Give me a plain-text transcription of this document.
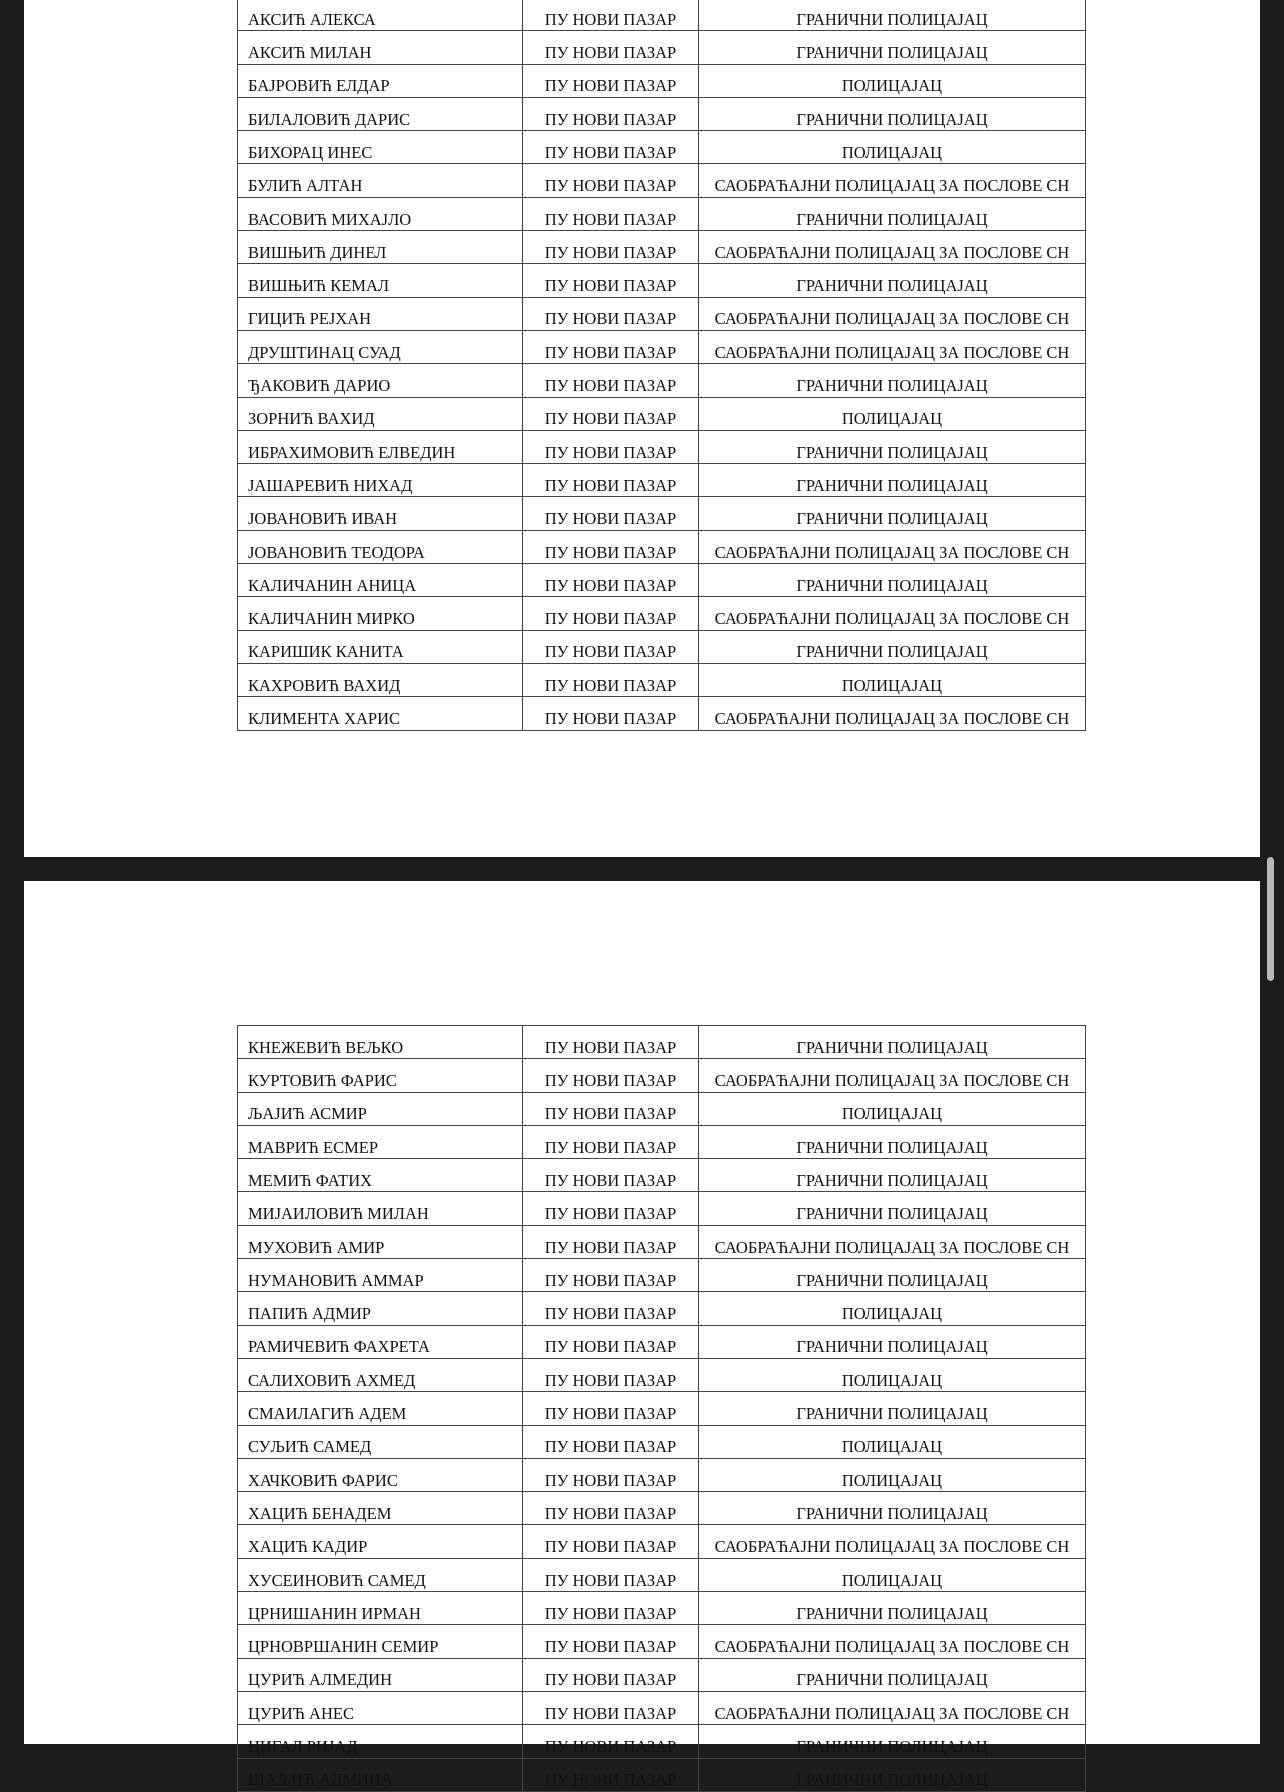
АКСИЋ АЛЕКСА	ПУ НОВИ ПАЗАР	ГРАНИЧНИ ПОЛИЦАЈАЦ
АКСИЋ МИЛАН	ПУ НОВИ ПАЗАР	ГРАНИЧНИ ПОЛИЦАЈАЦ
БАЈРОВИЋ ЕЛДАР	ПУ НОВИ ПАЗАР	ПОЛИЦАЈАЦ
БИЛАЛОВИЋ ДАРИС	ПУ НОВИ ПАЗАР	ГРАНИЧНИ ПОЛИЦАЈАЦ
БИХОРАЦ ИНЕС	ПУ НОВИ ПАЗАР	ПОЛИЦАЈАЦ
БУЛИЋ АЛТАН	ПУ НОВИ ПАЗАР	САОБРАЋАЈНИ ПОЛИЦАЈАЦ ЗА ПОСЛОВЕ СН
ВАСОВИЋ МИХАЈЛО	ПУ НОВИ ПАЗАР	ГРАНИЧНИ ПОЛИЦАЈАЦ
ВИШЊИЋ ДИНЕЛ	ПУ НОВИ ПАЗАР	САОБРАЋАЈНИ ПОЛИЦАЈАЦ ЗА ПОСЛОВЕ СН
ВИШЊИЋ КЕМАЛ	ПУ НОВИ ПАЗАР	ГРАНИЧНИ ПОЛИЦАЈАЦ
ГИЦИЋ РЕЈХАН	ПУ НОВИ ПАЗАР	САОБРАЋАЈНИ ПОЛИЦАЈАЦ ЗА ПОСЛОВЕ СН
ДРУШТИНАЦ СУАД	ПУ НОВИ ПАЗАР	САОБРАЋАЈНИ ПОЛИЦАЈАЦ ЗА ПОСЛОВЕ СН
ЂАКОВИЋ ДАРИО	ПУ НОВИ ПАЗАР	ГРАНИЧНИ ПОЛИЦАЈАЦ
ЗОРНИЋ ВАХИД	ПУ НОВИ ПАЗАР	ПОЛИЦАЈАЦ
ИБРАХИМОВИЋ ЕЛВЕДИН	ПУ НОВИ ПАЗАР	ГРАНИЧНИ ПОЛИЦАЈАЦ
ЈАШАРЕВИЋ НИХАД	ПУ НОВИ ПАЗАР	ГРАНИЧНИ ПОЛИЦАЈАЦ
ЈОВАНОВИЋ ИВАН	ПУ НОВИ ПАЗАР	ГРАНИЧНИ ПОЛИЦАЈАЦ
ЈОВАНОВИЋ ТЕОДОРА	ПУ НОВИ ПАЗАР	САОБРАЋАЈНИ ПОЛИЦАЈАЦ ЗА ПОСЛОВЕ СН
КАЛИЧАНИН АНИЦА	ПУ НОВИ ПАЗАР	ГРАНИЧНИ ПОЛИЦАЈАЦ
КАЛИЧАНИН МИРКО	ПУ НОВИ ПАЗАР	САОБРАЋАЈНИ ПОЛИЦАЈАЦ ЗА ПОСЛОВЕ СН
КАРИШИК КАНИТА	ПУ НОВИ ПАЗАР	ГРАНИЧНИ ПОЛИЦАЈАЦ
КАХРОВИЋ ВАХИД	ПУ НОВИ ПАЗАР	ПОЛИЦАЈАЦ
КЛИМЕНТА ХАРИС	ПУ НОВИ ПАЗАР	САОБРАЋАЈНИ ПОЛИЦАЈАЦ ЗА ПОСЛОВЕ СН
КНЕЖЕВИЋ ВЕЉКО	ПУ НОВИ ПАЗАР	ГРАНИЧНИ ПОЛИЦАЈАЦ
КУРТОВИЋ ФАРИС	ПУ НОВИ ПАЗАР	САОБРАЋАЈНИ ПОЛИЦАЈАЦ ЗА ПОСЛОВЕ СН
ЉАЈИЋ АСМИР	ПУ НОВИ ПАЗАР	ПОЛИЦАЈАЦ
МАВРИЋ ЕСМЕР	ПУ НОВИ ПАЗАР	ГРАНИЧНИ ПОЛИЦАЈАЦ
МЕМИЋ ФАТИХ	ПУ НОВИ ПАЗАР	ГРАНИЧНИ ПОЛИЦАЈАЦ
МИЈАИЛОВИЋ МИЛАН	ПУ НОВИ ПАЗАР	ГРАНИЧНИ ПОЛИЦАЈАЦ
МУХОВИЋ АМИР	ПУ НОВИ ПАЗАР	САОБРАЋАЈНИ ПОЛИЦАЈАЦ ЗА ПОСЛОВЕ СН
НУМАНОВИЋ АММАР	ПУ НОВИ ПАЗАР	ГРАНИЧНИ ПОЛИЦАЈАЦ
ПАПИЋ АДМИР	ПУ НОВИ ПАЗАР	ПОЛИЦАЈАЦ
РАМИЧЕВИЋ ФАХРЕТА	ПУ НОВИ ПАЗАР	ГРАНИЧНИ ПОЛИЦАЈАЦ
САЛИХОВИЋ АХМЕД	ПУ НОВИ ПАЗАР	ПОЛИЦАЈАЦ
СМАИЛАГИЋ АДЕМ	ПУ НОВИ ПАЗАР	ГРАНИЧНИ ПОЛИЦАЈАЦ
СУЉИЋ САМЕД	ПУ НОВИ ПАЗАР	ПОЛИЦАЈАЦ
ХАЧКОВИЋ ФАРИС	ПУ НОВИ ПАЗАР	ПОЛИЦАЈАЦ
ХАЦИЋ БЕНАДЕМ	ПУ НОВИ ПАЗАР	ГРАНИЧНИ ПОЛИЦАЈАЦ
ХАЦИЋ КАДИР	ПУ НОВИ ПАЗАР	САОБРАЋАЈНИ ПОЛИЦАЈАЦ ЗА ПОСЛОВЕ СН
ХУСЕИНОВИЋ САМЕД	ПУ НОВИ ПАЗАР	ПОЛИЦАЈАЦ
ЦРНИШАНИН ИРМАН	ПУ НОВИ ПАЗАР	ГРАНИЧНИ ПОЛИЦАЈАЦ
ЦРНОВРШАНИН СЕМИР	ПУ НОВИ ПАЗАР	САОБРАЋАЈНИ ПОЛИЦАЈАЦ ЗА ПОСЛОВЕ СН
ЦУРИЋ АЛМЕДИН	ПУ НОВИ ПАЗАР	ГРАНИЧНИ ПОЛИЦАЈАЦ
ЦУРИЋ АНЕС	ПУ НОВИ ПАЗАР	САОБРАЋАЈНИ ПОЛИЦАЈАЦ ЗА ПОСЛОВЕ СН
ЦИГАЛ РИЈАД	ПУ НОВИ ПАЗАР	ГРАНИЧНИ ПОЛИЦАЈАЦ
ШАЉИЋ АЛМИНА	ПУ НОВИ ПАЗАР	ГРАНИЧНИ ПОЛИЦАЈАЦ
